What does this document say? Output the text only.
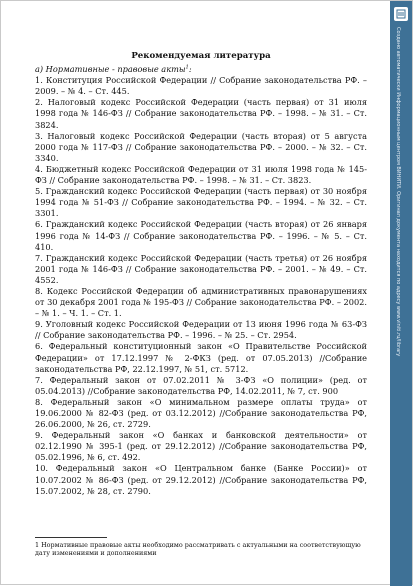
Рекомендуемая литература

а) Нормативные - правовые акты$^1$:

1. Конституция Российской Федерации // Собрание законодательства РФ. – 2009. – № 4. – Ст. 445.

2. Налоговый кодекс Российской Федерации (часть первая) от 31 июля 1998 года № 146-ФЗ // Собрание законодательства РФ. – 1998. – № 31. – Ст. 3824.

3. Налоговый кодекс Российской Федерации (часть вторая) от 5 августа 2000 года № 117-ФЗ // Собрание законодательства РФ. – 2000. – № 32. – Ст. 3340.

4. Бюджетный кодекс Российской Федерации от 31 июля 1998 года № 145-ФЗ // Собрание законодательства РФ. – 1998. – № 31. – Ст. 3823.

5. Гражданский кодекс Российской Федерации (часть первая) от 30 ноября 1994 года № 51-ФЗ // Собрание законодательства РФ. – 1994. – № 32. – Ст. 3301.

6. Гражданский кодекс Российской Федерации (часть вторая) от 26 января 1996 года № 14-ФЗ // Собрание законодательства РФ. – 1996. – № 5. – Ст. 410.

7. Гражданский кодекс Российской Федерации (часть третья) от 26 ноября 2001 года № 146-ФЗ // Собрание законодательства РФ. – 2001. – № 49. – Ст. 4552.

8. Кодекс Российской Федерации об административных правонарушениях от 30 декабря 2001 года № 195-ФЗ // Собрание законодательства РФ. – 2002. – № 1. – Ч. 1. – Ст. 1.

9. Уголовный кодекс Российской Федерации от 13 июня 1996 года № 63-ФЗ // Собрание законодательства РФ. – 1996. – № 25. – Ст. 2954.

6. Федеральный конституционный закон «О Правительстве Российской Федерации» от 17.12.1997 № 2-ФКЗ (ред. от 07.05.2013) //Собрание законодательства РФ, 22.12.1997, № 51, ст. 5712.

7. Федеральный закон от 07.02.2011 № 3-ФЗ «О полиции» (ред. от 05.04.2013) //Собрание законодательства РФ, 14.02.2011, № 7, ст. 900

8. Федеральный закон «О минимальном размере оплаты труда» от 19.06.2000 № 82-ФЗ (ред. от 03.12.2012) //Собрание законодательства РФ, 26.06.2000, № 26, ст. 2729.

9. Федеральный закон «О банках и банковской деятельности» от 02.12.1990 № 395-1 (ред. от 29.12.2012) //Собрание законодательства РФ, 05.02.1996, № 6, ст. 492.

10. Федеральный закон «О Центральном банке (Банке России)» от 10.07.2002 № 86-ФЗ (ред. от 29.12.2012) //Собрание законодательства РФ, 15.07.2002, № 28, ст. 2790.

1 Нормативные правовые акты необходимо рассматривать с актуальными на соответствующую дату изменениями и дополнениями
Создано автоматически Информационным центром ВИНИТИ. Оригинал документа находится по адресу www.viniti.ru/library
